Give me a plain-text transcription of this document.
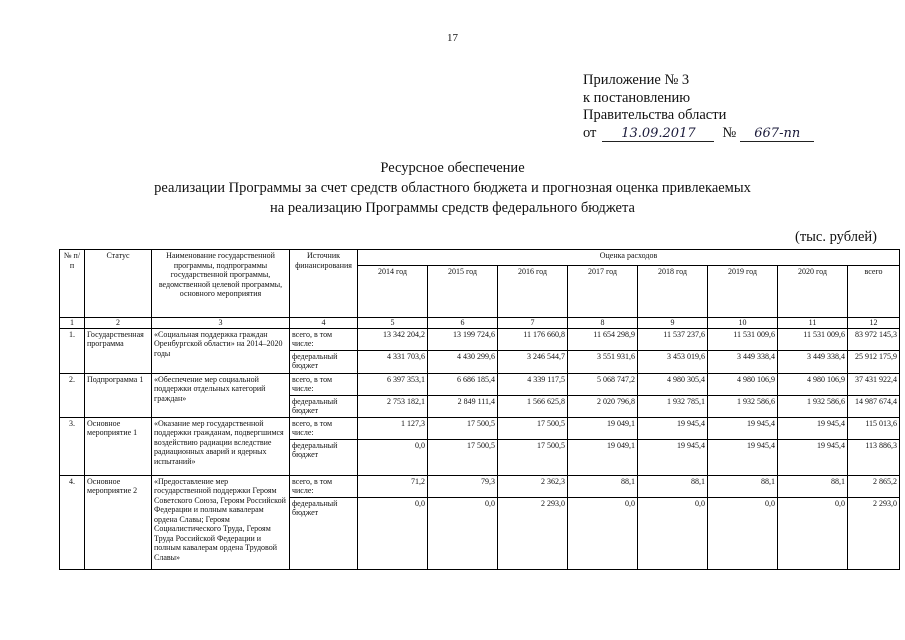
17
Приложение № 3
к постановлению
Правительства области
от 13.09.2017 № 667-пп
Ресурсное обеспечение
реализации Программы за счет средств областного бюджета и прогнозная оценка привлекаемых
на реализацию Программы средств федерального бюджета
(тыс. рублей)
№ п/п	Статус	Наименование государственной программы, подпрограммы государственной программы, ведомственной целевой программы, основного мероприятия	Источник финансирования	Оценка расходов							
				2014 год	2015 год	2016 год	2017 год	2018 год	2019 год	2020 год	всего
1	2	3	4	5	6	7	8	9	10	11	12
1.	Государственная программа	«Социальная поддержка граждан Оренбургской области» на 2014–2020 годы	всего, в том числе:	13 342 204,2	13 199 724,6	11 176 660,8	11 654 298,9	11 537 237,6	11 531 009,6	11 531 009,6	83 972 145,3
			федеральный бюджет	4 331 703,6	4 430 299,6	3 246 544,7	3 551 931,6	3 453 019,6	3 449 338,4	3 449 338,4	25 912 175,9
2.	Подпрограмма 1	«Обеспечение мер социальной поддержки отдельных категорий граждан»	всего, в том числе:	6 397 353,1	6 686 185,4	4 339 117,5	5 068 747,2	4 980 305,4	4 980 106,9	4 980 106,9	37 431 922,4
			федеральный бюджет	2 753 182,1	2 849 111,4	1 566 625,8	2 020 796,8	1 932 785,1	1 932 586,6	1 932 586,6	14 987 674,4
3.	Основное мероприятие 1	«Оказание мер государственной поддержки гражданам, подвергшимся воздействию радиации вследствие радиационных аварий и ядерных испытаний»	всего, в том числе:	1 127,3	17 500,5	17 500,5	19 049,1	19 945,4	19 945,4	19 945,4	115 013,6
			федеральный бюджет	0,0	17 500,5	17 500,5	19 049,1	19 945,4	19 945,4	19 945,4	113 886,3
4.	Основное мероприятие 2	«Предоставление мер государственной поддержки Героям Советского Союза, Героям Российской Федерации и полным кавалерам ордена Славы; Героям Социалистического Труда, Героям Труда Российской Федерации и полным кавалерам ордена Трудовой Славы»	всего, в том числе:	71,2	79,3	2 362,3	88,1	88,1	88,1	88,1	2 865,2
			федеральный бюджет	0,0	0,0	2 293,0	0,0	0,0	0,0	0,0	2 293,0
